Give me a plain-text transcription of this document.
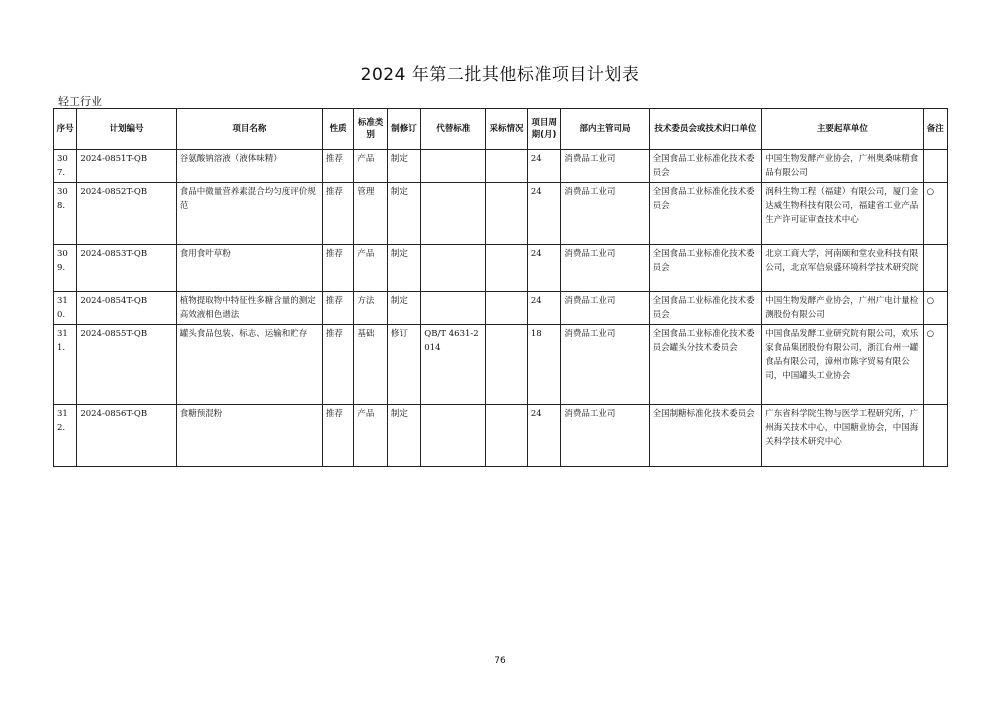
2024 年第二批其他标准项目计划表
轻工行业
序号	计划编号	项目名称	性质	标准类别	制修订	代替标准	采标情况	项目周期(月)	部内主管司局	技术委员会或技术归口单位	主要起草单位	备注
307.	2024-0851T-QB	谷氨酸钠溶液（液体味精）	推荐	产品	制定			24	消费品工业司	全国食品工业标准化技术委员会	中国生物发酵产业协会，广州奥桑味精食品有限公司	
308.	2024-0852T-QB	食品中微量营养素混合均匀度评价规范	推荐	管理	制定			24	消费品工业司	全国食品工业标准化技术委员会	润科生物工程（福建）有限公司，厦门金达威生物科技有限公司，福建省工业产品生产许可证审查技术中心	○
309.	2024-0853T-QB	食用食叶草粉	推荐	产品	制定			24	消费品工业司	全国食品工业标准化技术委员会	北京工商大学，河南颐和堂农业科技有限公司，北京军信泉盛环境科学技术研究院	
310.	2024-0854T-QB	植物提取物中特征性多糖含量的测定 高效液相色谱法	推荐	方法	制定			24	消费品工业司	全国食品工业标准化技术委员会	中国生物发酵产业协会，广州广电计量检测股份有限公司	○
311.	2024-0855T-QB	罐头食品包装、标志、运输和贮存	推荐	基础	修订	QB/T 4631-2014		18	消费品工业司	全国食品工业标准化技术委员会罐头分技术委员会	中国食品发酵工业研究院有限公司，欢乐家食品集团股份有限公司，浙江台州一罐食品有限公司，漳州市陈字贸易有限公司，中国罐头工业协会	○
312.	2024-0856T-QB	食糖预混粉	推荐	产品	制定			24	消费品工业司	全国制糖标准化技术委员会	广东省科学院生物与医学工程研究所，广州海关技术中心，中国糖业协会，中国海关科学技术研究中心	
76
